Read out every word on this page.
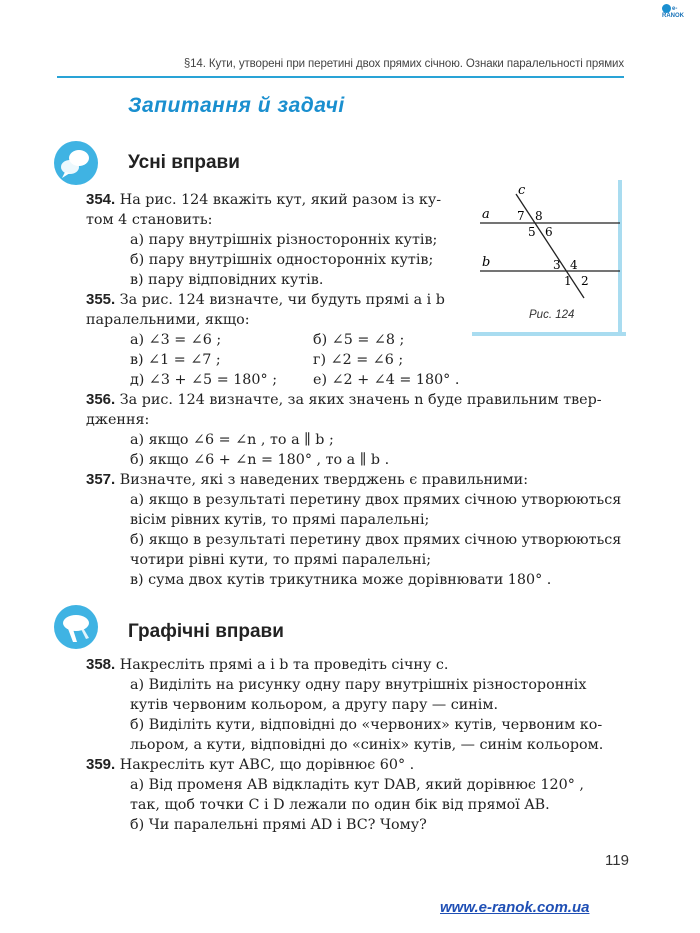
e-RANOK
§14. Кути, утворені при перетині двох прямих січною. Ознаки паралельності прямих
Запитання й задачі
Усні вправи
c
a
b
7 8
5 6
3 4
1 2
Рис. 124
354. На рис. 124 вкажіть кут, який разом із ку-
том 4 становить:
а) пару внутрішніх різносторонніх кутів;
б) пару внутрішніх односторонніх кутів;
в) пару відповідних кутів.
355. За рис. 124 визначте, чи будуть прямі a і b
паралельними, якщо:
а) ∠3 = ∠6 ;	б) ∠5 = ∠8 ;
в) ∠1 = ∠7 ;	г) ∠2 = ∠6 ;
д) ∠3 + ∠5 = 180° ;	е) ∠2 + ∠4 = 180° .
356. За рис. 124 визначте, за яких значень n буде правильним твер-
дження:
а) якщо ∠6 = ∠n , то a ∥ b ;
б) якщо ∠6 + ∠n = 180° , то a ∥ b .
357. Визначте, які з наведених тверджень є правильними:
а) якщо в результаті перетину двох прямих січною утворюються
вісім рівних кутів, то прямі паралельні;
б) якщо в результаті перетину двох прямих січною утворюються
чотири рівні кути, то прямі паралельні;
в) сума двох кутів трикутника може дорівнювати 180° .
Графічні вправи
358. Накресліть прямі a і b та проведіть січну c.
а) Виділіть на рисунку одну пару внутрішніх різносторонніх
кутів червоним кольором, а другу пару — синім.
б) Виділіть кути, відповідні до «червоних» кутів, червоним ко-
льором, а кути, відповідні до «синіх» кутів, — синім кольором.
359. Накресліть кут ABC, що дорівнює 60° .
а) Від променя AB відкладіть кут DAB, який дорівнює 120° ,
так, щоб точки C і D лежали по один бік від прямої AB.
б) Чи паралельні прямі AD і BC? Чому?
119
www.e-ranok.com.ua
